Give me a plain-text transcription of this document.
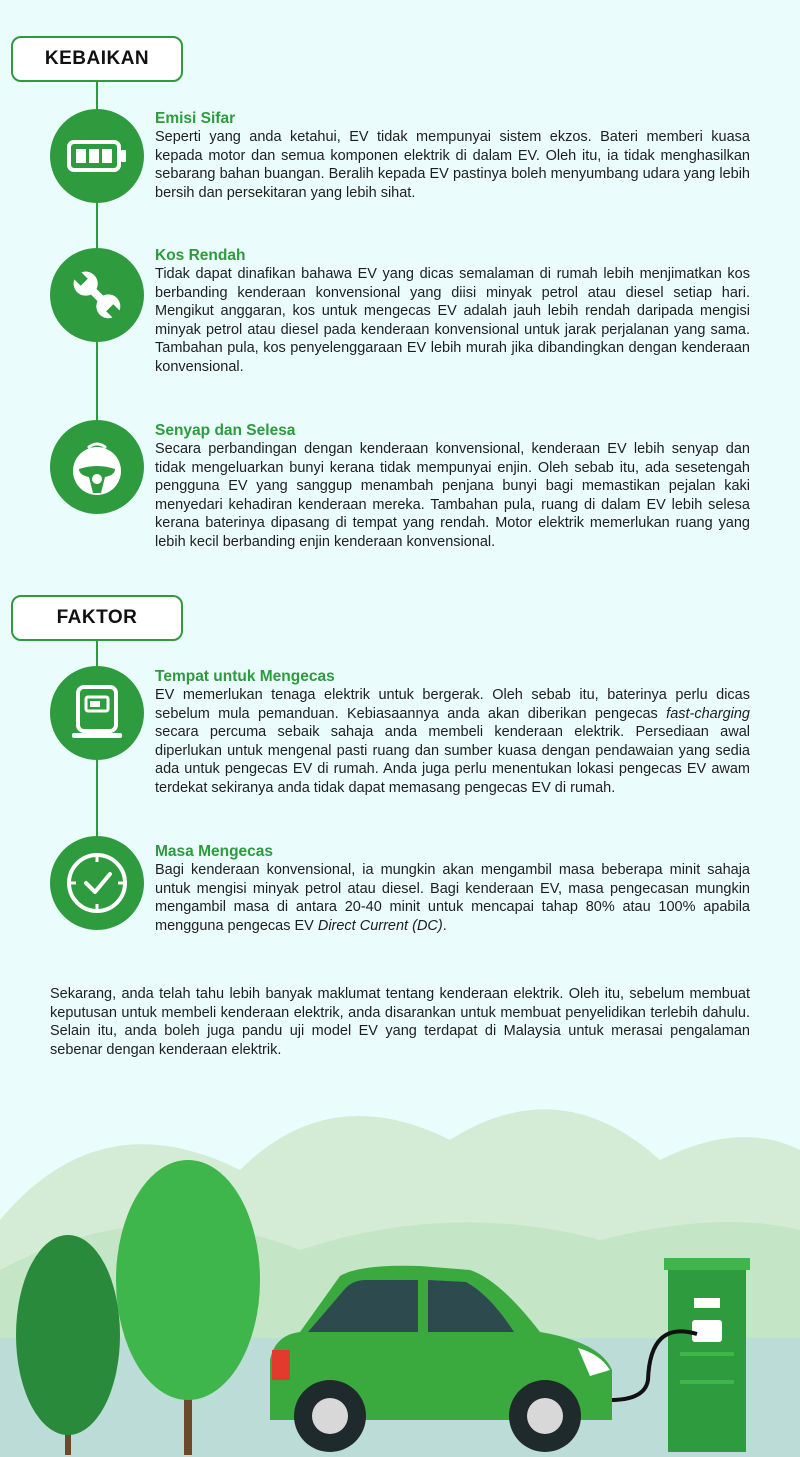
KEBAIKAN
Emisi Sifar
Seperti yang anda ketahui, EV tidak mempunyai sistem ekzos. Bateri memberi kuasa kepada motor dan semua komponen elektrik di dalam EV. Oleh itu, ia tidak menghasilkan sebarang bahan buangan. Beralih kepada EV pastinya boleh menyumbang udara yang lebih bersih dan persekitaran yang lebih sihat.
Kos Rendah
Tidak dapat dinafikan bahawa EV yang dicas semalaman di rumah lebih menjimatkan kos berbanding kenderaan konvensional yang diisi minyak petrol atau diesel setiap hari. Mengikut anggaran, kos untuk mengecas EV adalah jauh lebih rendah daripada mengisi minyak petrol atau diesel pada kenderaan konvensional untuk jarak perjalanan yang sama. Tambahan pula, kos penyelenggaraan EV lebih murah jika dibandingkan dengan kenderaan konvensional.
Senyap dan Selesa
Secara perbandingan dengan kenderaan konvensional, kenderaan EV lebih senyap dan tidak mengeluarkan bunyi kerana tidak mempunyai enjin. Oleh sebab itu, ada sesetengah pengguna EV yang sanggup menambah penjana bunyi bagi memastikan pejalan kaki menyedari kehadiran kenderaan mereka. Tambahan pula, ruang di dalam EV lebih selesa kerana baterinya dipasang di tempat yang rendah. Motor elektrik memerlukan ruang yang lebih kecil berbanding enjin kenderaan konvensional.
FAKTOR
Tempat untuk Mengecas
EV memerlukan tenaga elektrik untuk bergerak. Oleh sebab itu, baterinya perlu dicas sebelum mula pemanduan. Kebiasaannya anda akan diberikan pengecas fast-charging secara percuma sebaik sahaja anda membeli kenderaan elektrik. Persediaan awal diperlukan untuk mengenal pasti ruang dan sumber kuasa dengan pendawaian yang sedia ada untuk pengecas EV di rumah. Anda juga perlu menentukan lokasi pengecas EV awam terdekat sekiranya anda tidak dapat memasang pengecas EV di rumah.
Masa Mengecas
Bagi kenderaan konvensional, ia mungkin akan mengambil masa beberapa minit sahaja untuk mengisi minyak petrol atau diesel. Bagi kenderaan EV, masa pengecasan mungkin mengambil masa di antara 20-40 minit untuk mencapai tahap 80% atau 100% apabila mengguna pengecas EV Direct Current (DC).
Sekarang, anda telah tahu lebih banyak maklumat tentang kenderaan elektrik. Oleh itu, sebelum membuat keputusan untuk membeli kenderaan elektrik, anda disarankan untuk membuat penyelidikan terlebih dahulu. Selain itu, anda boleh juga pandu uji model EV yang terdapat di Malaysia untuk merasai pengalaman sebenar dengan kenderaan elektrik.
